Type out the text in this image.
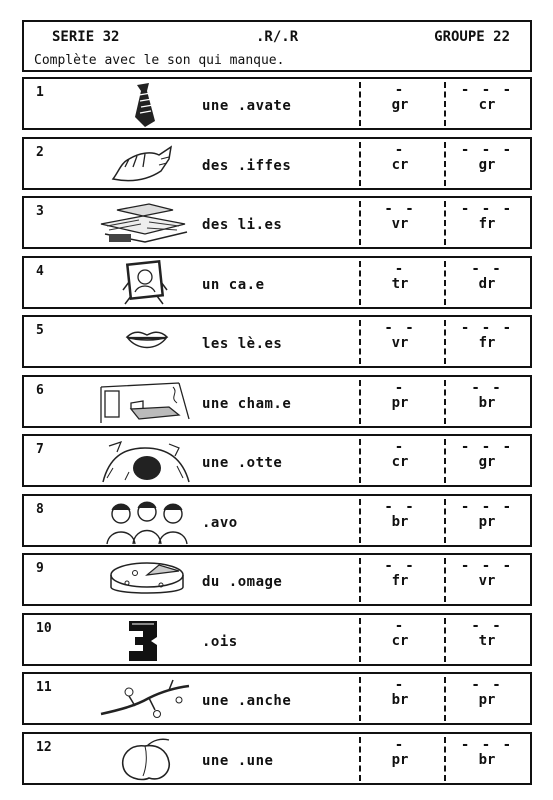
SERIE 32	.R/.R	GROUPE 22
Complète avec le son qui manque.
1
une .avate
-
gr
- - -
cr
2
des .iffes
-
cr
- - -
gr
3
des li.es
- -
vr
- - -
fr
4
un ca.e
-
tr
- -
dr
5
les lè.es
- -
vr
- - -
fr
6
une cham.e
-
pr
- -
br
7
une .otte
-
cr
- - -
gr
8
.avo
- -
br
- - -
pr
9
du .omage
- -
fr
- - -
vr
10
.ois
-
cr
- -
tr
11
une .anche
-
br
- -
pr
12
une .une
-
pr
- - -
br
